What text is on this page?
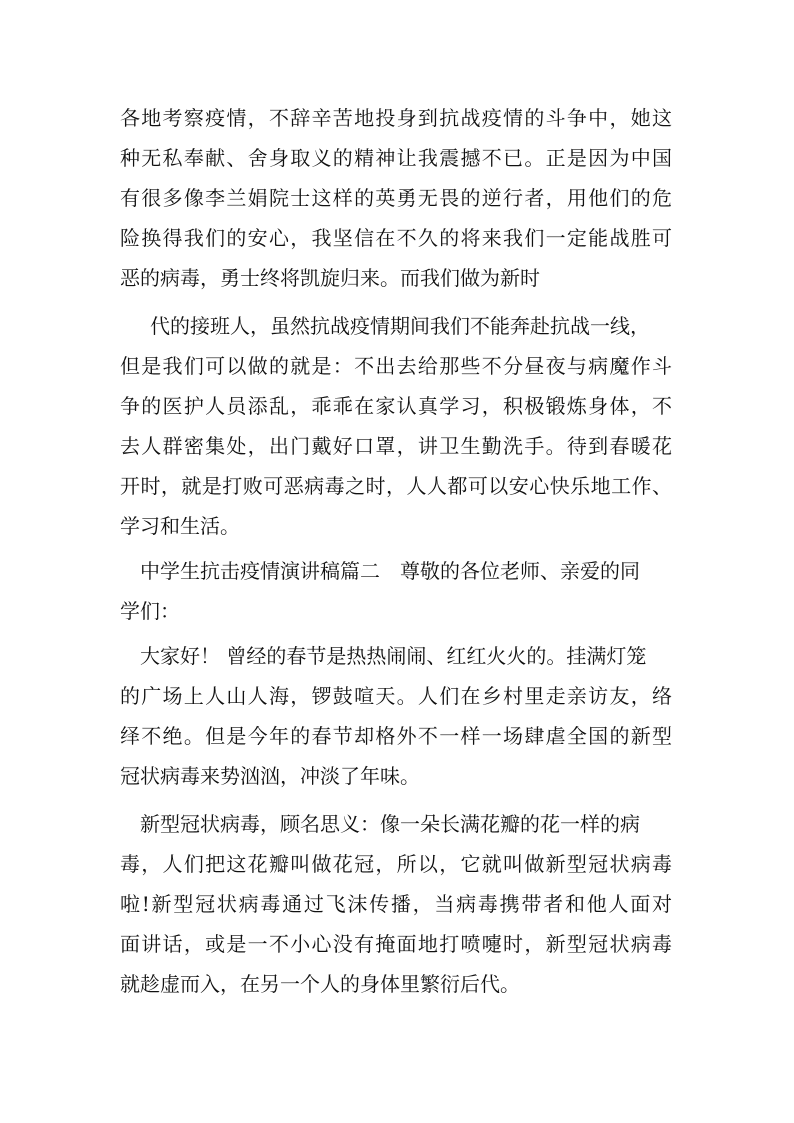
各地考察疫情，不辞辛苦地投身到抗战疫情的斗争中，她这

种无私奉献、舍身取义的精神让我震撼不已。正是因为中国

有很多像李兰娟院士这样的英勇无畏的逆行者，用他们的危

险换得我们的安心，我坚信在不久的将来我们一定能战胜可

恶的病毒，勇士终将凯旋归来。而我们做为新时

代的接班人，虽然抗战疫情期间我们不能奔赴抗战一线，

但是我们可以做的就是：不出去给那些不分昼夜与病魔作斗

争的医护人员添乱，乖乖在家认真学习，积极锻炼身体，不

去人群密集处，出门戴好口罩，讲卫生勤洗手。待到春暖花

开时，就是打败可恶病毒之时，人人都可以安心快乐地工作、

学习和生活。

中学生抗击疫情演讲稿篇二　尊敬的各位老师、亲爱的同

学们：

大家好！ 曾经的春节是热热闹闹、红红火火的。挂满灯笼

的广场上人山人海，锣鼓喧天。人们在乡村里走亲访友，络

绎不绝。但是今年的春节却格外不一样一场肆虐全国的新型

冠状病毒来势汹汹，冲淡了年味。

新型冠状病毒，顾名思义：像一朵长满花瓣的花一样的病

毒，人们把这花瓣叫做花冠，所以，它就叫做新型冠状病毒

啦!新型冠状病毒通过飞沫传播，当病毒携带者和他人面对

面讲话，或是一不小心没有掩面地打喷嚏时，新型冠状病毒

就趁虚而入，在另一个人的身体里繁衍后代。
